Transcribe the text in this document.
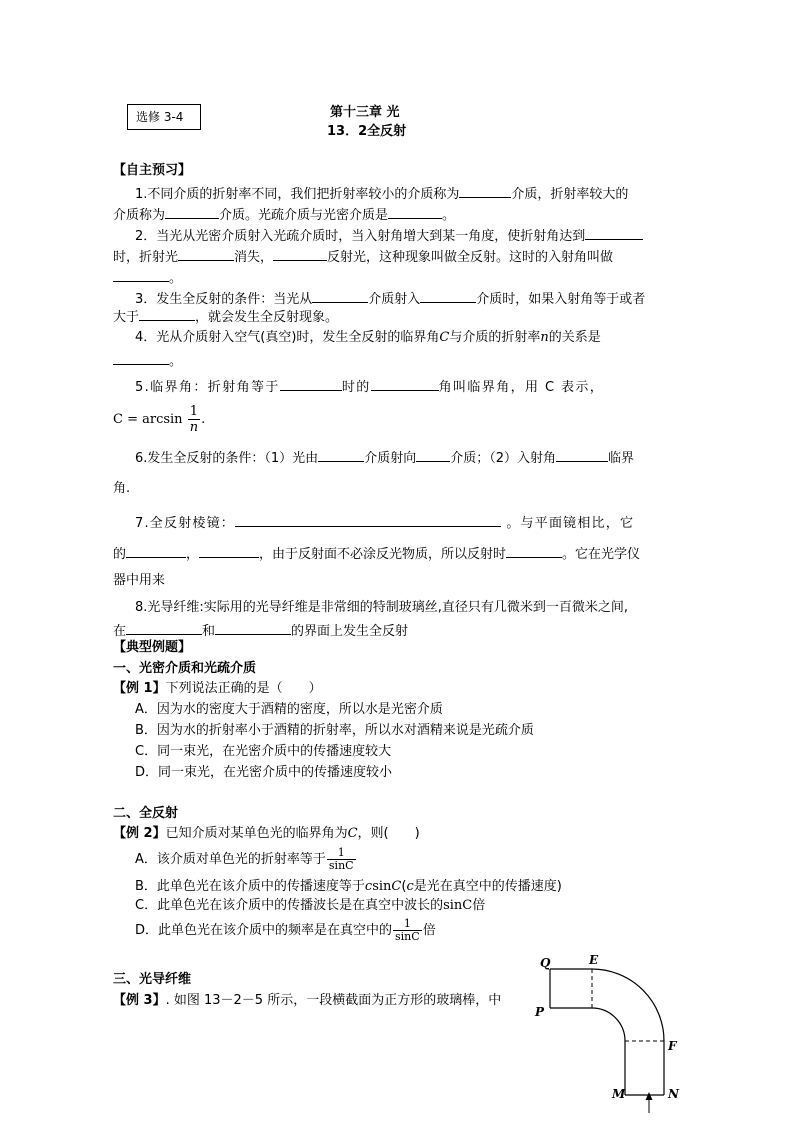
选修 3-4	第十三章 光
13．2全反射
【自主预习】
1.不同介质的折射率不同，我们把折射率较小的介质称为	介质，折射率较大的
介质称为	介质。光疏介质与光密介质是	。
2．当光从光密介质射入光疏介质时，当入射角增大到某一角度，使折射角达到
时，折射光	消失，	反射光，这种现象叫做全反射。这时的入射角叫做
。
3．发生全反射的条件：当光从	介质射入	介质时，如果入射角等于或者
大于	，就会发生全反射现象。
4．光从介质射入空气(真空)时，发生全反射的临界角C与介质的折射率n的关系是
。
5.临界角：折射角等于	时的	角叫临界角，用 C 表示，
$C = \arcsin \frac{1}{n}$ .
6.发生全反射的条件：（1）光由	介质射向	介质；（2）入射角	临界
角.
7.全反射棱镜：	。与平面镜相比，它
的	，	，由于反射面不必涂反光物质，所以反射时	。它在光学仪
器中用来
8.光导纤维:实际用的光导纤维是非常细的特制玻璃丝,直径只有几微米到一百微米之间,
在	和	的界面上发生全反射
【典型例题】
一、光密介质和光疏介质
【例 1】下列说法正确的是（　　）
A．因为水的密度大于酒精的密度，所以水是光密介质
B．因为水的折射率小于酒精的折射率，所以水对酒精来说是光疏介质
C．同一束光，在光密介质中的传播速度较大
D．同一束光，在光密介质中的传播速度较小
二、全反射
【例 2】已知介质对某单色光的临界角为C，则(　　)
A．该介质对单色光的折射率等于 $\frac{1}{\sin C}$
B．此单色光在该介质中的传播速度等于csinC(c是光在真空中的传播速度)
C．此单色光在该介质中的传播波长是在真空中波长的sinC倍
D．此单色光在该介质中的频率是在真空中的 $\frac{1}{\sin C}$ 倍
三、光导纤维
【例 3】. 如图 13－2－5 所示，一段横截面为正方形的玻璃棒，中
Q	E
P
F
M	N
